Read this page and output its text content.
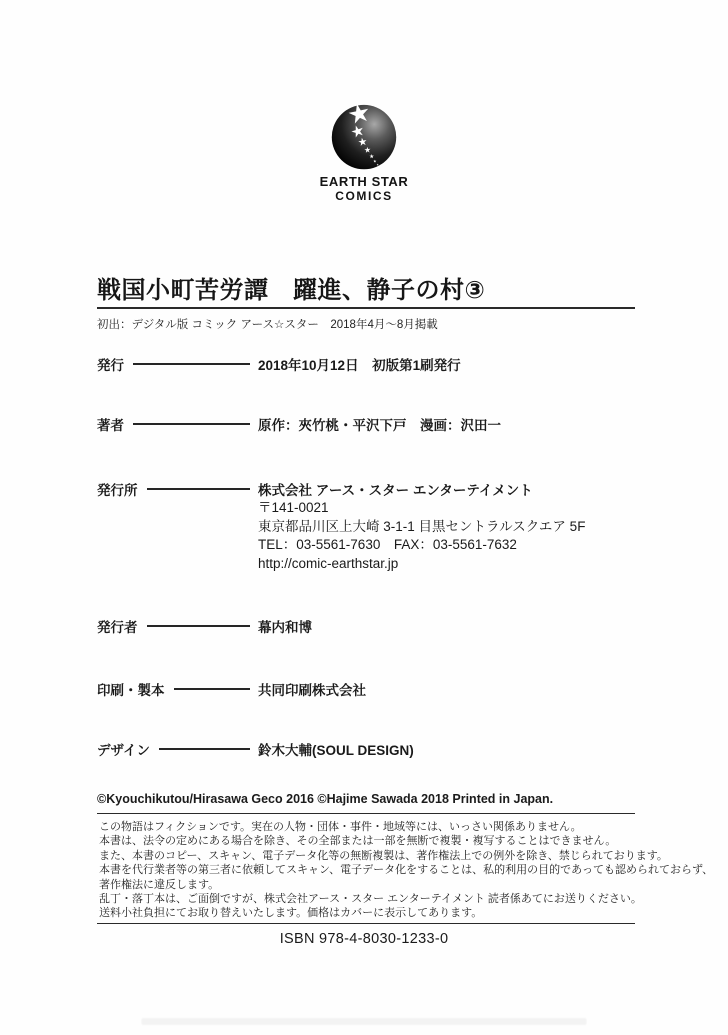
EARTH STAR
COMICS
戦国小町苦労譚　躍進、静子の村③
初出：デジタル版 コミック アース☆スター　2018年4月〜8月掲載
発行	2018年10月12日　初版第1刷発行
著者	原作：夾竹桃・平沢下戸　漫画：沢田一
発行所	株式会社 アース・スター エンターテイメント
〒141-0021
東京都品川区上大崎 3-1-1 目黒セントラルスクエア 5F
TEL：03-5561-7630　FAX：03-5561-7632
http://comic-earthstar.jp
発行者	幕内和博
印刷・製本	共同印刷株式会社
デザイン	鈴木大輔(SOUL DESIGN)
©Kyouchikutou/Hirasawa Geco 2016 ©Hajime Sawada 2018 Printed in Japan.
この物語はフィクションです。実在の人物・団体・事件・地域等には、いっさい関係ありません。
本書は、法令の定めにある場合を除き、その全部または一部を無断で複製・複写することはできません。
また、本書のコピー、スキャン、電子データ化等の無断複製は、著作権法上での例外を除き、禁じられております。
本書を代行業者等の第三者に依頼してスキャン、電子データ化をすることは、私的利用の目的であっても認められておらず、
著作権法に違反します。
乱丁・落丁本は、ご面倒ですが、株式会社アース・スター エンターテイメント 読者係あてにお送りください。
送料小社負担にてお取り替えいたします。価格はカバーに表示してあります。
ISBN 978-4-8030-1233-0
